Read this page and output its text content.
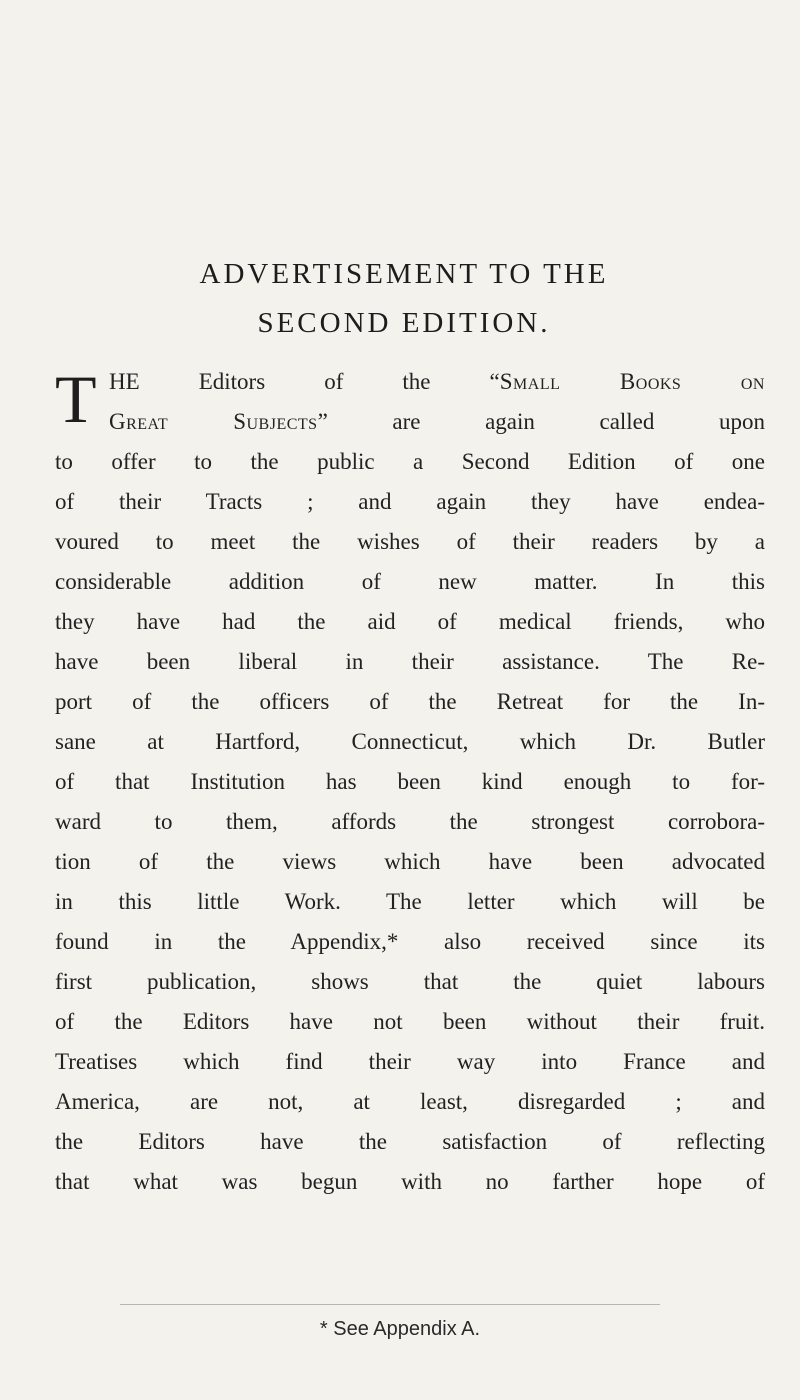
ADVERTISEMENT TO THE
SECOND EDITION.
T HE Editors of the “Small Books on
Great Subjects” are again called upon
to offer to the public a Second Edition of one
of their Tracts ; and again they have endea-
voured to meet the wishes of their readers by a
considerable addition of new matter. In this
they have had the aid of medical friends, who
have been liberal in their assistance. The Re-
port of the officers of the Retreat for the In-
sane at Hartford, Connecticut, which Dr. Butler
of that Institution has been kind enough to for-
ward to them, affords the strongest corrobora-
tion of the views which have been advocated
in this little Work. The letter which will be
found in the Appendix,* also received since its
first publication, shows that the quiet labours
of the Editors have not been without their fruit.
Treatises which find their way into France and
America, are not, at least, disregarded ; and
the Editors have the satisfaction of reflecting
that what was begun with no farther hope of
* See Appendix A.
